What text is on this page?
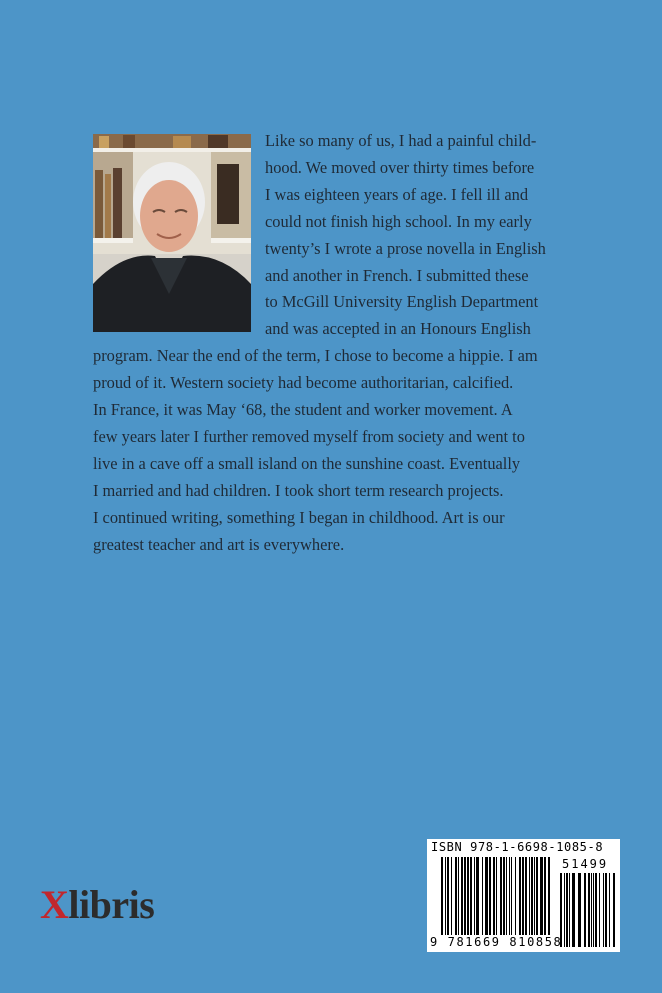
Like so many of us, I had a painful child-
hood. We moved over thirty times before
I was eighteen years of age. I fell ill and
could not finish high school. In my early
twenty’s I wrote a prose novella in English
and another in French. I submitted these
to McGill University English Department
and was accepted in an Honours English
program. Near the end of the term, I chose to become a hippie. I am
proud of it. Western society had become authoritarian, calcified.
In France, it was May ‘68, the student and worker movement. A
few years later I further removed myself from society and went to
live in a cave off a small island on the sunshine coast. Eventually
I married and had children. I took short term research projects.
I continued writing, something I began in childhood. Art is our
greatest teacher and art is everywhere.

Xlibris
ISBN 978-1-6698-1085-8
51499
9 781669 810858
